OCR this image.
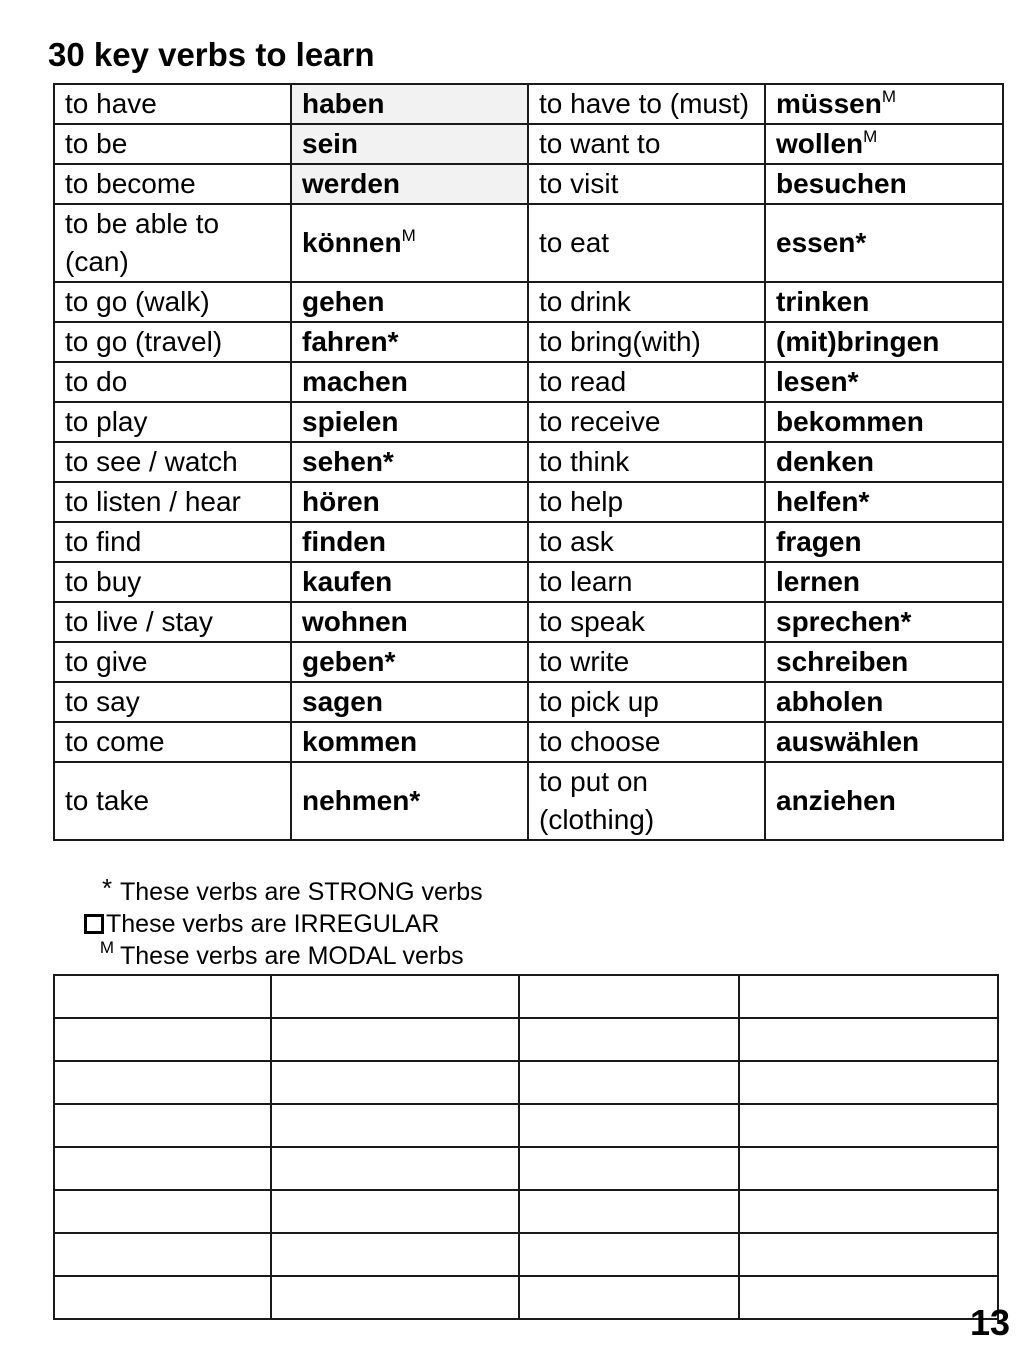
30 key verbs to learn
to have	haben	to have to (must)	müssen$^M$
to be	sein	to want to	wollen$^M$
to become	werden	to visit	besuchen
to be able to (can)	können$^M$	to eat	essen*
to go (walk)	gehen	to drink	trinken
to go (travel)	fahren*	to bring(with)	(mit)bringen
to do	machen	to read	lesen*
to play	spielen	to receive	bekommen
to see / watch	sehen*	to think	denken
to listen / hear	hören	to help	helfen*
to find	finden	to ask	fragen
to buy	kaufen	to learn	lernen
to live / stay	wohnen	to speak	sprechen*
to give	geben*	to write	schreiben
to say	sagen	to pick up	abholen
to come	kommen	to choose	auswählen
to take	nehmen*	to put on (clothing)	anziehen
* These verbs are STRONG verbs
These verbs are IRREGULAR
M These verbs are MODAL verbs

13
